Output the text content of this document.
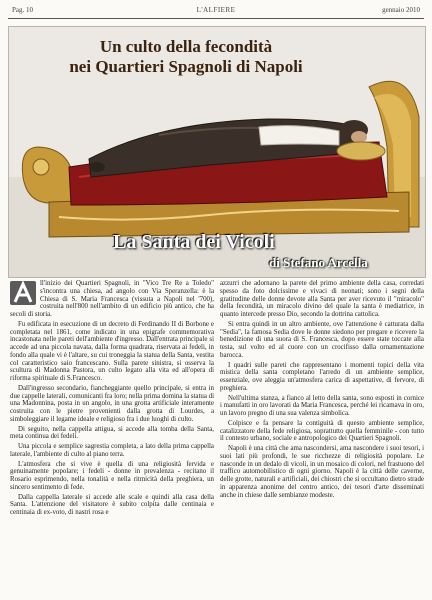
Pag. 10	L'ALFIERE	gennaio 2010
Un culto della fecondità
nei Quartieri Spagnoli di Napoli
La Santa dei Vicoli
di Stefano Arcella

ll'inizio dei Quartieri Spagnoli, in "Vico Tre Re a Toledo" s'incontra una chiesa, ad angolo con Via Speranzella: è la Chiesa di S. Maria Francesca (vissuta a Napoli nel '700), costruita nell'800 nell'ambito di un edificio più antico, che ha secoli di storia.

Fu edificata in esecuzione di un decreto di Ferdinando II di Borbone e completata nel 1861, come indicato in una epigrafe commemorativa incastonata nelle pareti dell'ambiente d'ingresso. Dall'entrata principale si accede ad una piccola navata, dalla forma quadrata, riservata ai fedeli, in fondo alla quale vi è l'altare, su cui troneggia la statua della Santa, vestita col caratteristico saio francescano. Sulla parete sinistra, si osserva la scultura di Madonna Pastora, un culto legato alla vita ed all'opera di riforma spirituale di S.Francesco.

Dall'ingresso secondario, fiancheggiante quello principale, si entra in due cappelle laterali, comunicanti fra loro; nella prima domina la statua di una Madonnina, posta in un angolo, in una grotta artificiale interamente costruita con le pietre provenienti dalla grotta di Lourdes, a simboleggiare il legame ideale e religioso fra i due luoghi di culto.

Di seguito, nella cappella attigua, si accede alla tomba della Santa, meta continua dei fedeli.

Una piccola e semplice sagrestia completa, a lato della prima cappella laterale, l'ambiente di culto al piano terra.

L'atmosfera che si vive è quella di una religiosità fervida e genuinamente popolare; i fedeli - donne in prevalenza - recitano il Rosario esprimendo, nella tonalità e nella ritmicità della preghiera, un sincero sentimento di fede.

Dalla cappella laterale si accede alle scale e quindi alla casa della Santa. L'attenzione del visitatore è subito colpita dalle centinaia e centinaia di ex-voto, di nastri rosa e

azzurri che adornano la parete del primo ambiente della casa, corredati spesso da foto dolcissime e vivaci di neonati; sono i segni della gratitudine delle donne devote alla Santa per aver ricevuto il "miracolo" della fecondità, un miracolo divino del quale la santa è mediatrice, in quanto intercede presso Dio, secondo la dottrina cattolica.

Si entra quindi in un altro ambiente, ove l'attenzione è catturata dalla "Sedia", la famosa Sedia dove le donne siedono per pregare e ricevere la benedizione di una suora di S. Francesca, dopo essere state toccate alla testa, sul volto ed al cuore con un crocifisso dalla ornamentazione barocca.

I quadri sulle pareti che rappresentano i momenti topici della vita mistica della santa completano l'arredo di un ambiente semplice, essenziale, ove aleggia un'atmosfera carica di aspettative, di fervore, di preghiera.

Nell'ultima stanza, a fianco al letto della santa, sono esposti in cornice i manufatti in oro lavorati da Maria Francesca, perché lei ricamava in oro, un lavoro pregno di una sua valenza simbolica.

Colpisce e fa pensare la contiguità di questo ambiente semplice, catalizzatore della fede religiosa, soprattutto quella femminile - con tutto il contesto urbano, sociale e antropologico dei Quartieri Spagnoli.

Napoli è una città che ama nascondersi, ama nascondere i suoi tesori, i suoi lati più profondi, le sue ricchezze di religiosità popolare. Le nasconde in un dedalo di vicoli, in un mosaico di colori, nel frastuono del traffico automobilistico di ogni giorno. Napoli è la città delle caverne, delle grotte, naturali e artificiali, dei chiostri che si occultano dietro strade in apparenza anonime del centro antico, dei tesori d'arte disseminati anche in chiese dalle sembianze modeste.
